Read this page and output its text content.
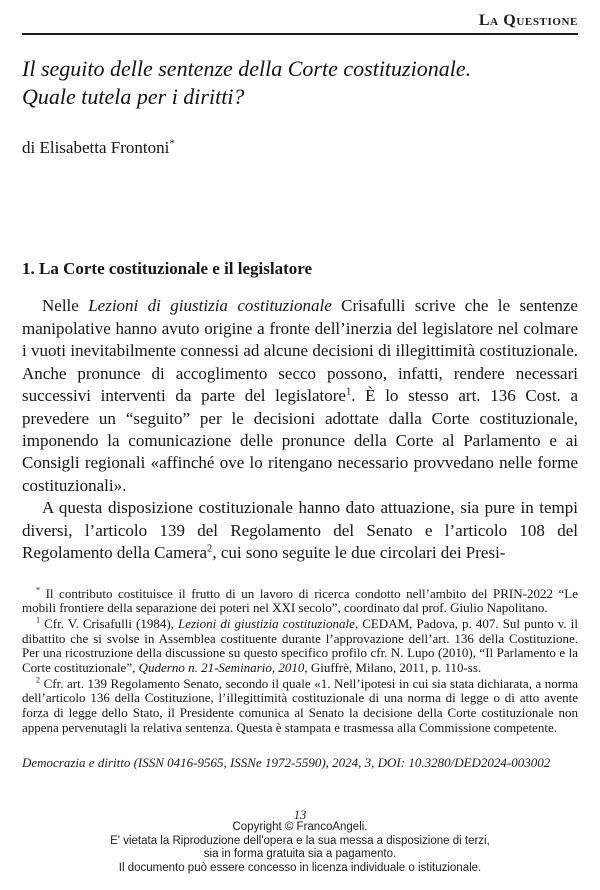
La Questione
Il seguito delle sentenze della Corte costituzionale.
Quale tutela per i diritti?
di Elisabetta Frontoni*
1. La Corte costituzionale e il legislatore

Nelle Lezioni di giustizia costituzionale Crisafulli scrive che le sentenze manipolative hanno avuto origine a fronte dell’inerzia del legislatore nel colmare i vuoti inevitabilmente connessi ad alcune decisioni di illegittimità costituzionale. Anche pronunce di accoglimento secco possono, infatti, rendere necessari successivi interventi da parte del legislatore$^1$. È lo stesso art. 136 Cost. a prevedere un “seguito” per le decisioni adottate dalla Corte costituzionale, imponendo la comunicazione delle pronunce della Corte al Parlamento e ai Consigli regionali «affinché ove lo ritengano necessario provvedano nelle forme costituzionali».

A questa disposizione costituzionale hanno dato attuazione, sia pure in tempi diversi, l’articolo 139 del Regolamento del Senato e l’articolo 108 del Regolamento della Camera$^2$, cui sono seguite le due circolari dei Presi-

* Il contributo costituisce il frutto di un lavoro di ricerca condotto nell’ambito del PRIN-2022 “Le mobili frontiere della separazione dei poteri nel XXI secolo”, coordinato dal prof. Giulio Napolitano.

$^1$ Cfr. V. Crisafulli (1984), Lezioni di giustizia costituzionale, CEDAM, Padova, p. 407. Sul punto v. il dibattito che si svolse in Assemblea costituente durante l’approvazione dell’art. 136 della Costituzione. Per una ricostruzione della discussione su questo specifico profilo cfr. N. Lupo (2010), “Il Parlamento e la Corte costituzionale”, Quderno n. 21-Seminario, 2010, Giuffrè, Milano, 2011, p. 110-ss.

$^2$ Cfr. art. 139 Regolamento Senato, secondo il quale «1. Nell’ipotesi in cui sia stata dichiarata, a norma dell’articolo 136 della Costituzione, l’illegittimità costituzionale di una norma di legge o di atto avente forza di legge dello Stato, il Presidente comunica al Senato la decisione della Corte costituzionale non appena pervenutagli la relativa sentenza. Questa è stampata e trasmessa alla Commissione competente.

Democrazia e diritto (ISSN 0416-9565, ISSNe 1972-5590), 2024, 3, DOI: 10.3280/DED2024-003002

13
Copyright © FrancoAngeli.
E' vietata la Riproduzione dell'opera e la sua messa a disposizione di terzi,
sia in forma gratuita sia a pagamento.
Il documento può essere concesso in licenza individuale o istituzionale.
